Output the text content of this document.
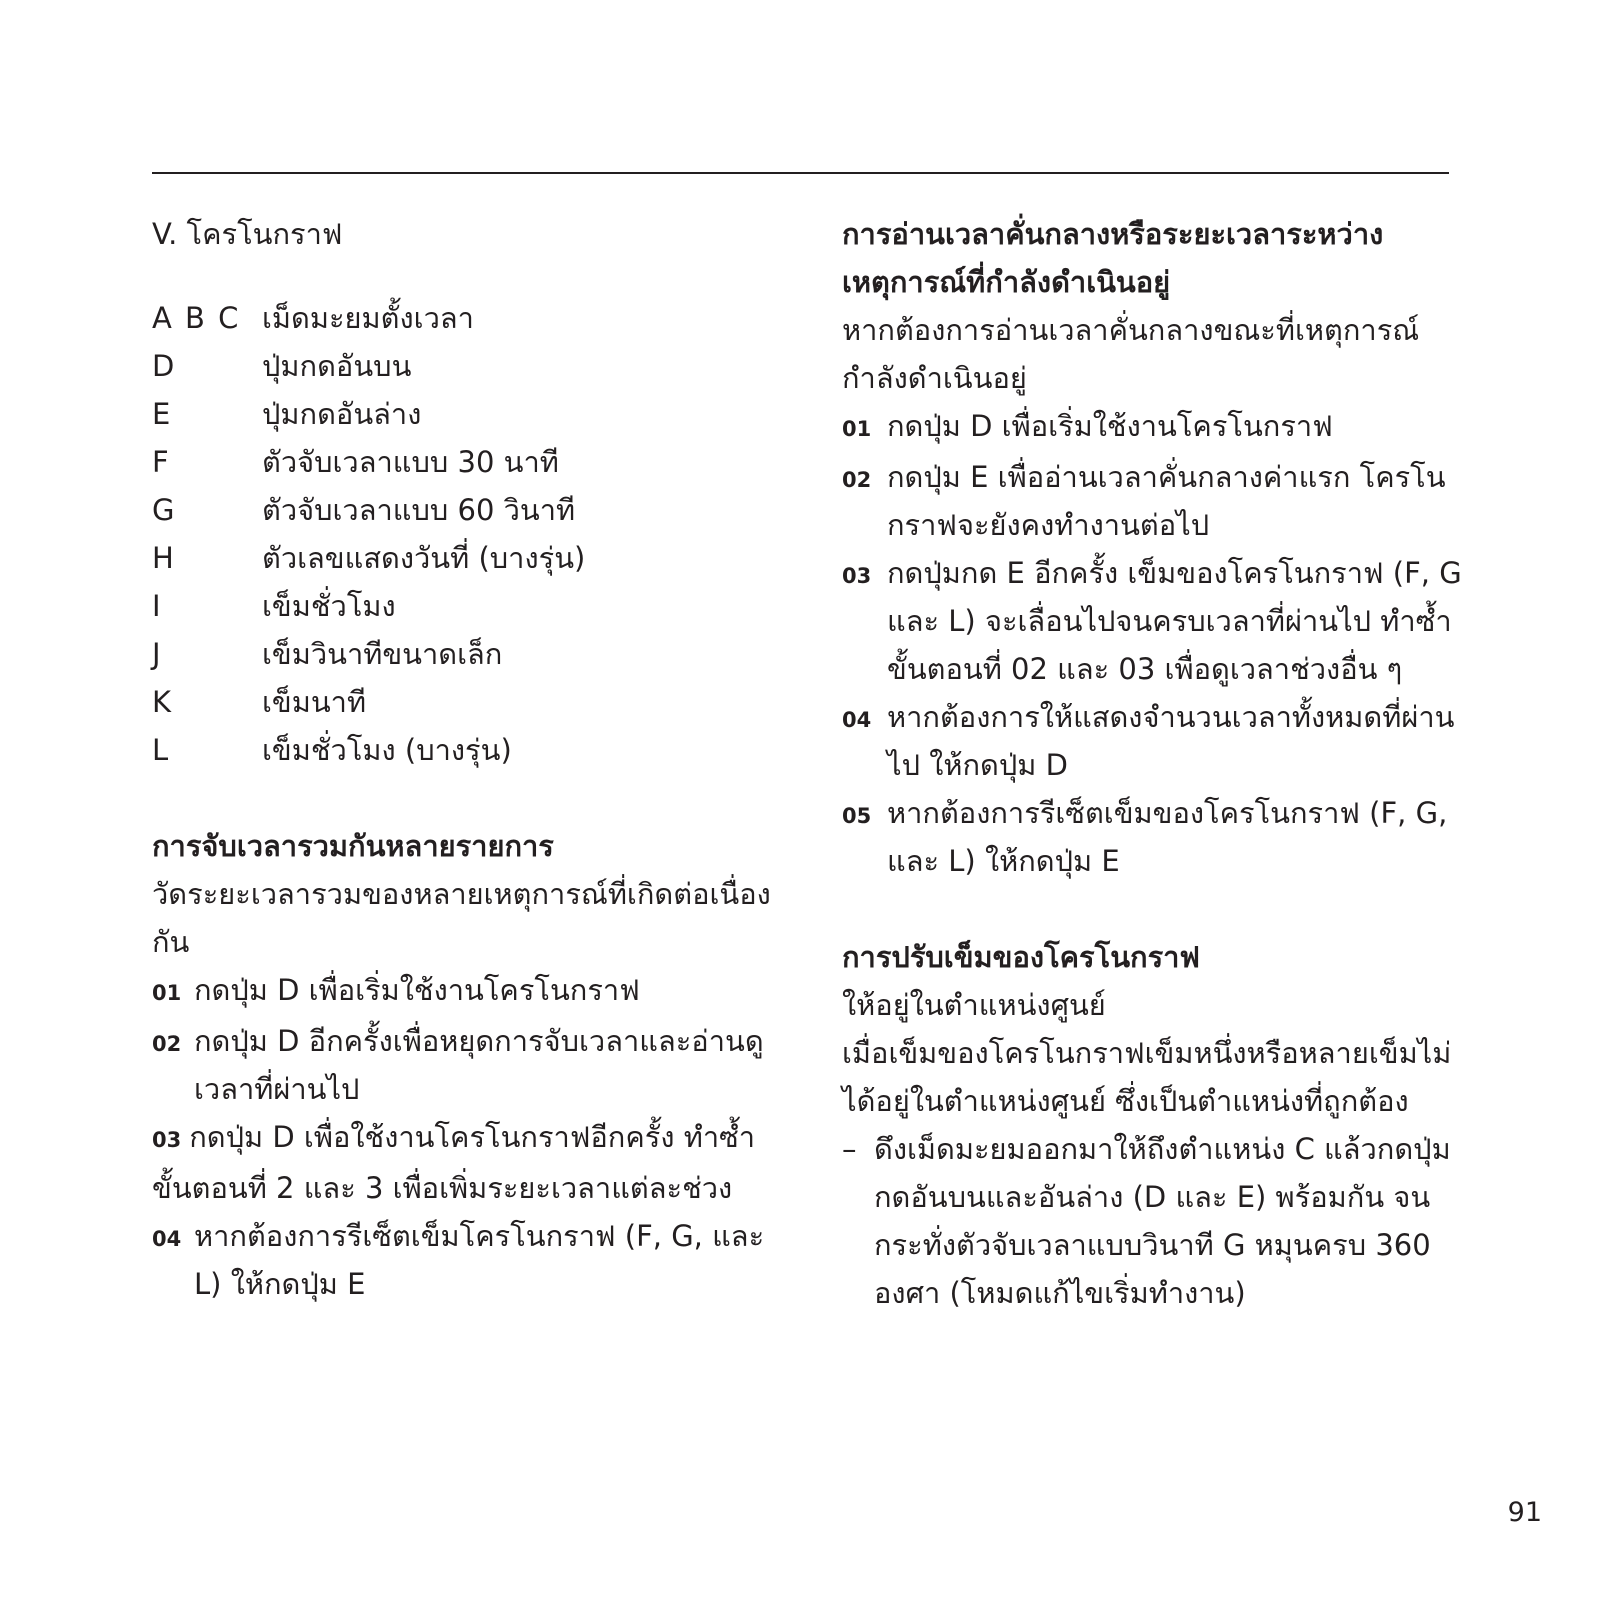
V. โครโนกราฟ
A B C เม็ดมะยมตั้งเวลา
D	ปุ่มกดอันบน
E	ปุ่มกดอันล่าง
F	ตัวจับเวลาแบบ 30 นาที
G	ตัวจับเวลาแบบ 60 วินาที
H	ตัวเลขแสดงวันที่ (บางรุ่น)
I	เข็มชั่วโมง
J	เข็มวินาทีขนาดเล็ก
K	เข็มนาที
L	เข็มชั่วโมง (บางรุ่น)
การจับเวลารวมกันหลายรายการ
วัดระยะเวลารวมของหลายเหตุการณ์ที่เกิดต่อเนื่องกัน
01 กดปุ่ม D เพื่อเริ่มใช้งานโครโนกราฟ
02 กดปุ่ม D อีกครั้งเพื่อหยุดการจับเวลาและอ่านดูเวลาที่ผ่านไป
03 กดปุ่ม D เพื่อใช้งานโครโนกราฟอีกครั้ง ทำซ้ำขั้นตอนที่ 2 และ 3 เพื่อเพิ่มระยะเวลาแต่ละช่วง
04 หากต้องการรีเซ็ตเข็มโครโนกราฟ (F, G, และ L) ให้กดปุ่ม E
การอ่านเวลาคั่นกลางหรือระยะเวลาระหว่างเหตุการณ์ที่กำลังดำเนินอยู่
หากต้องการอ่านเวลาคั่นกลางขณะที่เหตุการณ์กำลังดำเนินอยู่
01 กดปุ่ม D เพื่อเริ่มใช้งานโครโนกราฟ
02 กดปุ่ม E เพื่ออ่านเวลาคั่นกลางค่าแรก โครโนกราฟจะยังคงทำงานต่อไป
03 กดปุ่มกด E อีกครั้ง เข็มของโครโนกราฟ (F, G และ L) จะเลื่อนไปจนครบเวลาที่ผ่านไป ทำซ้ำขั้นตอนที่ 02 และ 03 เพื่อดูเวลาช่วงอื่น ๆ
04 หากต้องการให้แสดงจำนวนเวลาทั้งหมดที่ผ่านไป ให้กดปุ่ม D
05 หากต้องการรีเซ็ตเข็มของโครโนกราฟ (F, G, และ L) ให้กดปุ่ม E
การปรับเข็มของโครโนกราฟ
ให้อยู่ในตำแหน่งศูนย์
เมื่อเข็มของโครโนกราฟเข็มหนึ่งหรือหลายเข็มไม่ได้อยู่ในตำแหน่งศูนย์ ซึ่งเป็นตำแหน่งที่ถูกต้อง
– ดึงเม็ดมะยมออกมาให้ถึงตำแหน่ง C แล้วกดปุ่มกดอันบนและอันล่าง (D และ E) พร้อมกัน จนกระทั่งตัวจับเวลาแบบวินาที G หมุนครบ 360 องศา (โหมดแก้ไขเริ่มทำงาน)
91
